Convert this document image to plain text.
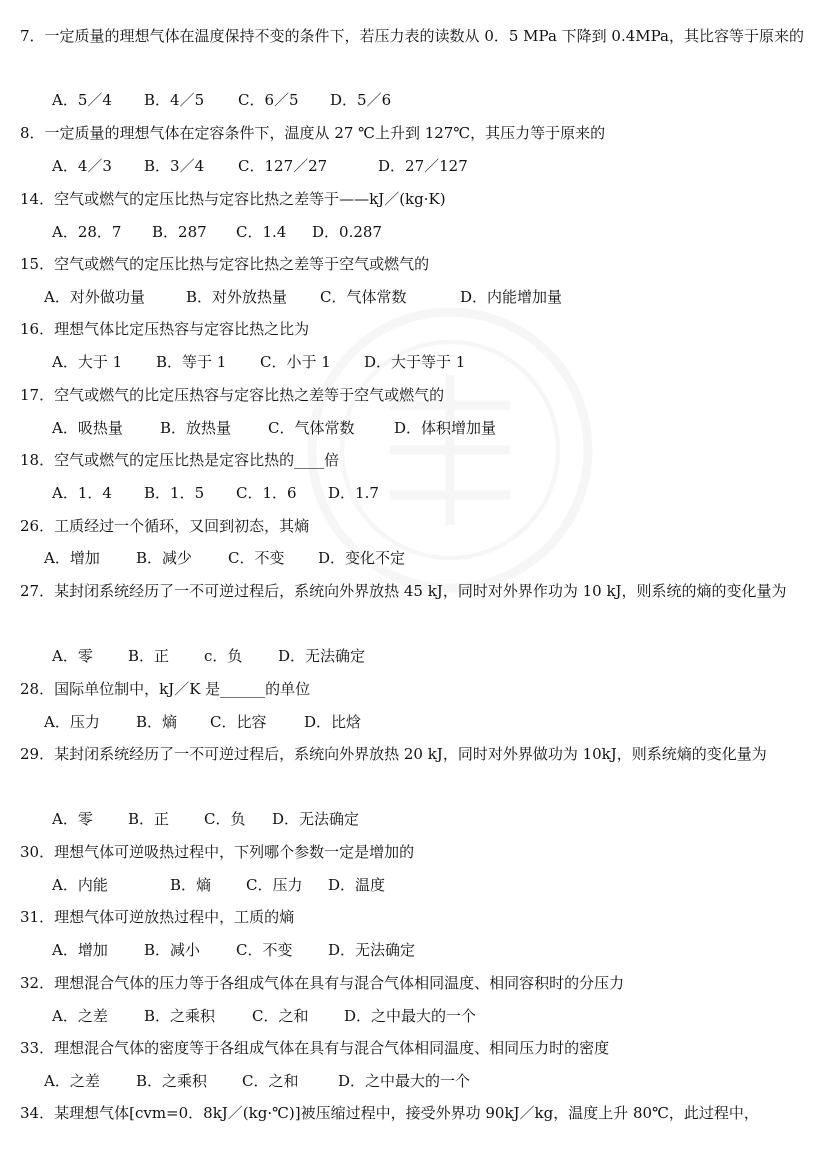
7．一定质量的理想气体在温度保持不变的条件下，若压力表的读数从 0．5 MPa 下降到 0.4MPa，其比容等于原来的
A．5／4 B．4／5 C．6／5 D．5／6
8．一定质量的理想气体在定容条件下，温度从 27 ℃上升到 127℃，其压力等于原来的
A．4／3 B．3／4 C．127／27	D．27／127
14．空气或燃气的定压比热与定容比热之差等于——kJ／(kg·K)
A．28．7 B．287 C．1.4 D．0.287
15．空气或燃气的定压比热与定容比热之差等于空气或燃气的
A．对外做功量	B．对外放热量 C．气体常数	D．内能增加量
16．理想气体比定压热容与定容比热之比为
A．大于 1 B．等于 1 C．小于 1 D．大于等于 1
17．空气或燃气的比定压热容与定容比热之差等于空气或燃气的
A．吸热量 B．放热量 C．气体常数	D．体积增加量
18．空气或燃气的定压比热是定容比热的____倍
A．1．4 B．1．5 C．1．6 D．1.7
26．工质经过一个循环，又回到初态，其熵
A．增加 B．减少 C．不变 D．变化不定
27．某封闭系统经历了一不可逆过程后，系统向外界放热 45 kJ，同时对外界作功为 10 kJ，则系统的熵的变化量为
A．零 B．正 c．负 D．无法确定
28．国际单位制中，kJ／K 是______的单位
A．压力 B．熵 C．比容	D．比焓
29．某封闭系统经历了一不可逆过程后，系统向外界放热 20 kJ，同时对外界做功为 10kJ，则系统熵的变化量为
A．零 B．正 C．负 D．无法确定
30．理想气体可逆吸热过程中，下列哪个参数一定是增加的
A．内能	B．熵 C．压力 D．温度
31．理想气体可逆放热过程中，工质的熵
A．增加 B．减小 C．不变 D．无法确定
32．理想混合气体的压力等于各组成气体在具有与混合气体相同温度、相同容积时的分压力
A．之差 B．之乘积 C．之和 D．之中最大的一个
33．理想混合气体的密度等于各组成气体在具有与混合气体相同温度、相同压力时的密度
A．之差 B．之乘积 C．之和	D．之中最大的一个
34．某理想气体[cvm=0．8kJ／(kg·℃)]被压缩过程中，接受外界功 90kJ／kg，温度上升 80℃，此过程中，
